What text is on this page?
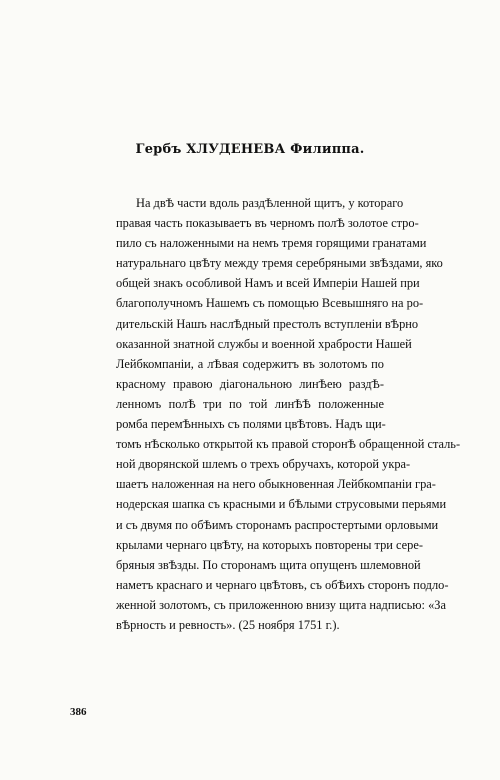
Гербъ ХЛУДЕНЕВА Филиппа.
На двѢ части вдоль раздѢленной щитъ, у котораго
правая часть показываетъ въ черномъ полѢ золотое стро-
пило съ наложенными на немъ тремя горящими гранатами
натуральнаго цвѢту между тремя серебряными звѢздами, яко
общей знакъ особливой Намъ и всей Имперіи Нашей при
благополучномъ Нашемъ съ помощью Всевышняго на ро-
дительскій Нашъ наслѢдный престолъ вступленіи вѢрно
оказанной знатной службы и военной храбрости Нашей
Лейбкомпаніи, а лѢвая содержитъ въ золотомъ по
красному правою діагональною линѢею раздѢ-
ленномъ полѢ три по той линѢѢ положенные
ромба перемѢнныхъ съ полями цвѢтовъ. Надъ щи-
томъ нѢсколько открытой къ правой сторонѢ обращенной сталь-
ной дворянской шлемъ о трехъ обручахъ, которой укра-
шаетъ наложенная на него обыкновенная Лейбкомпаніи гра-
нодерская шапка съ красными и бѢлыми струсовыми перьями
и съ двумя по обѢимъ сторонамъ распростертыми орловыми
крылами чернаго цвѢту, на которыхъ повторены три сере-
бряныя звѢзды. По сторонамъ щита опущенъ шлемовной
наметъ краснаго и чернаго цвѢтовъ, съ обѢихъ сторонъ подло-
женной золотомъ, съ приложенною внизу щита надписью: «За
вѢрность и ревность». (25 ноября 1751 г.).
386
